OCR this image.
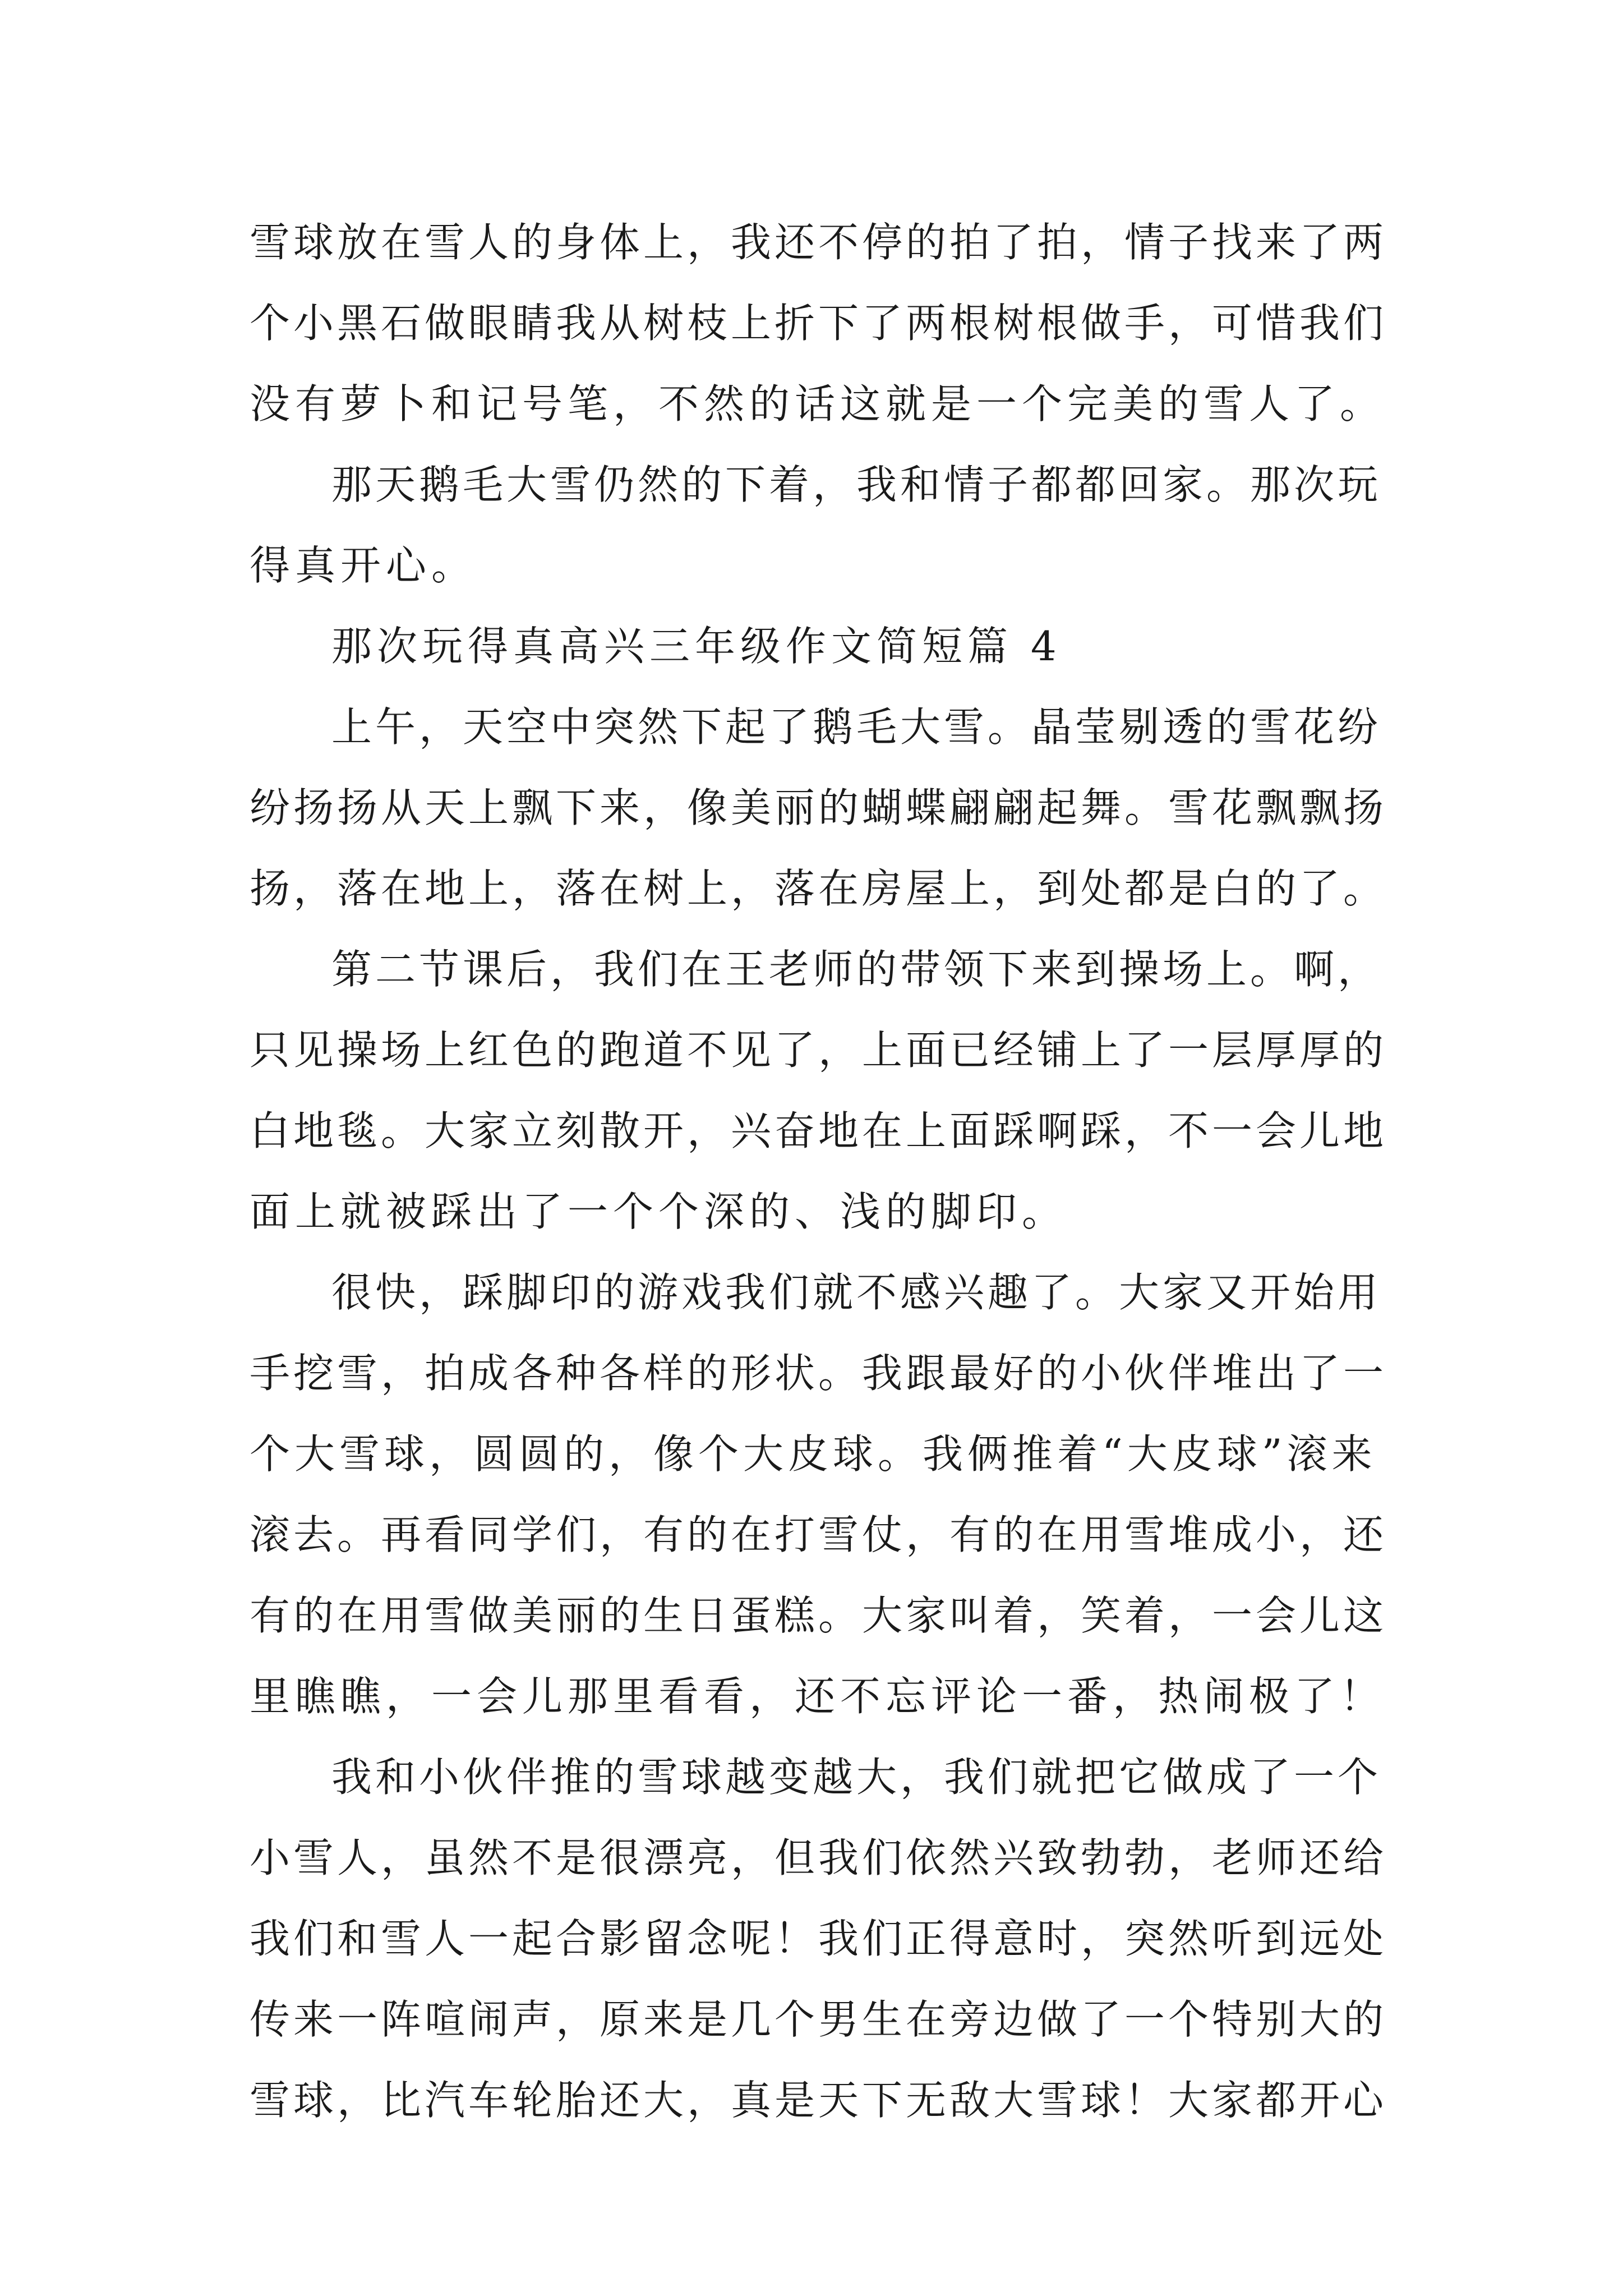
雪球放在雪人的身体上，我还不停的拍了拍，情子找来了两
个小黑石做眼睛我从树枝上折下了两根树根做手，可惜我们
没有萝卜和记号笔，不然的话这就是一个完美的雪人了。
那天鹅毛大雪仍然的下着，我和情子都都回家。那次玩
得真开心。
那次玩得真高兴三年级作文简短篇 4
上午，天空中突然下起了鹅毛大雪。晶莹剔透的雪花纷
纷扬扬从天上飘下来，像美丽的蝴蝶翩翩起舞。雪花飘飘扬
扬，落在地上，落在树上，落在房屋上，到处都是白的了。
第二节课后，我们在王老师的带领下来到操场上。啊，
只见操场上红色的跑道不见了，上面已经铺上了一层厚厚的
白地毯。大家立刻散开，兴奋地在上面踩啊踩，不一会儿地
面上就被踩出了一个个深的、浅的脚印。
很快，踩脚印的游戏我们就不感兴趣了。大家又开始用
手挖雪，拍成各种各样的形状。我跟最好的小伙伴堆出了一
个大雪球，圆圆的，像个大皮球。我俩推着“大皮球”滚来
滚去。再看同学们，有的在打雪仗，有的在用雪堆成小，还
有的在用雪做美丽的生日蛋糕。大家叫着，笑着，一会儿这
里瞧瞧，一会儿那里看看，还不忘评论一番，热闹极了！
我和小伙伴推的雪球越变越大，我们就把它做成了一个
小雪人，虽然不是很漂亮，但我们依然兴致勃勃，老师还给
我们和雪人一起合影留念呢！我们正得意时，突然听到远处
传来一阵喧闹声，原来是几个男生在旁边做了一个特别大的
雪球，比汽车轮胎还大，真是天下无敌大雪球！大家都开心
